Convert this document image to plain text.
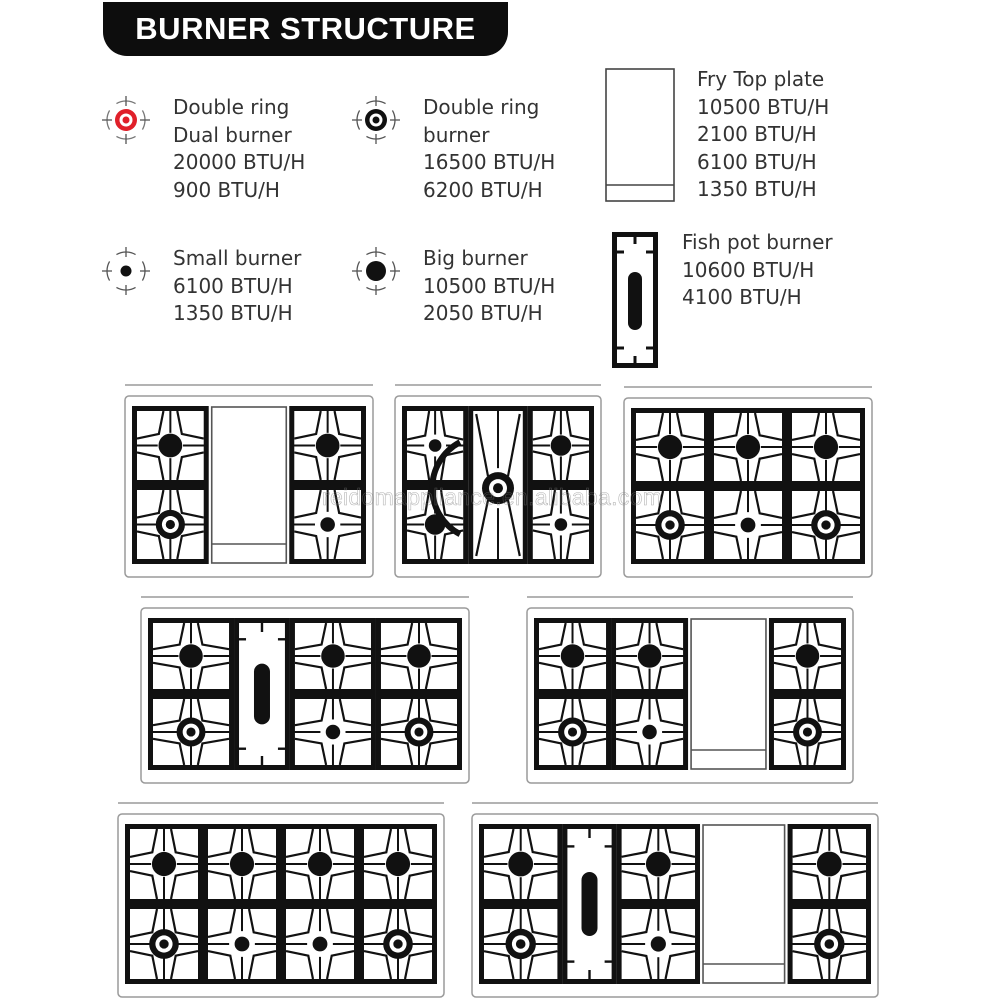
BURNER STRUCTURE
Double ring
Dual burner
20000 BTU/H
900 BTU/H
Double ring
burner
16500 BTU/H
6200 BTU/H
Fry Top plate
10500 BTU/H
2100 BTU/H
6100 BTU/H
1350 BTU/H
Small burner
6100 BTU/H
1350 BTU/H
Big burner
10500 BTU/H
2050 BTU/H
Fish pot burner
10600 BTU/H
4100 BTU/H
